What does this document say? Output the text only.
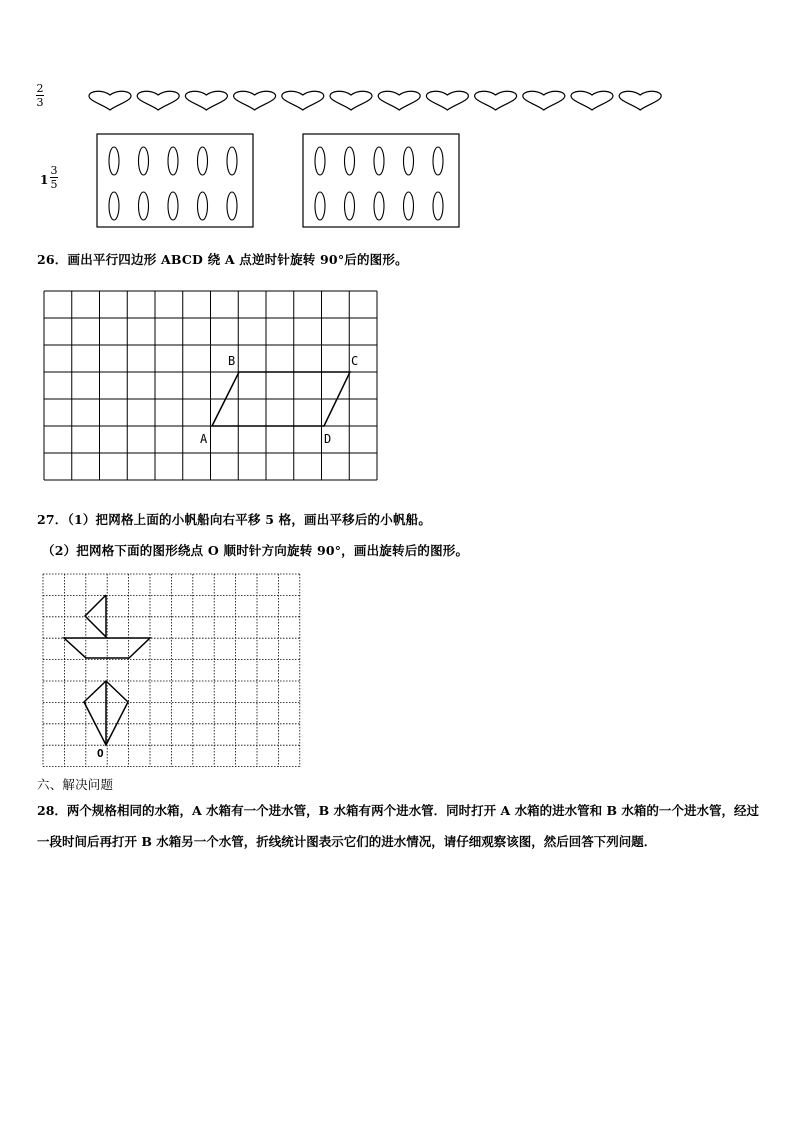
2
3
1
3
5
26．画出平行四边形 ABCD 绕 A 点逆时针旋转 90°后的图形。
A
B	C
D
27．（1）把网格上面的小帆船向右平移 5 格，画出平移后的小帆船。
（2）把网格下面的图形绕点 O 顺时针方向旋转 90°，画出旋转后的图形。
O
六、解决问题
28．两个规格相同的水箱，A 水箱有一个进水管，B 水箱有两个进水管．同时打开 A 水箱的进水管和 B 水箱的一个进水管，经过一段时间后再打开 B 水箱另一个水管，折线统计图表示它们的进水情况，请仔细观察该图，然后回答下列问题．
